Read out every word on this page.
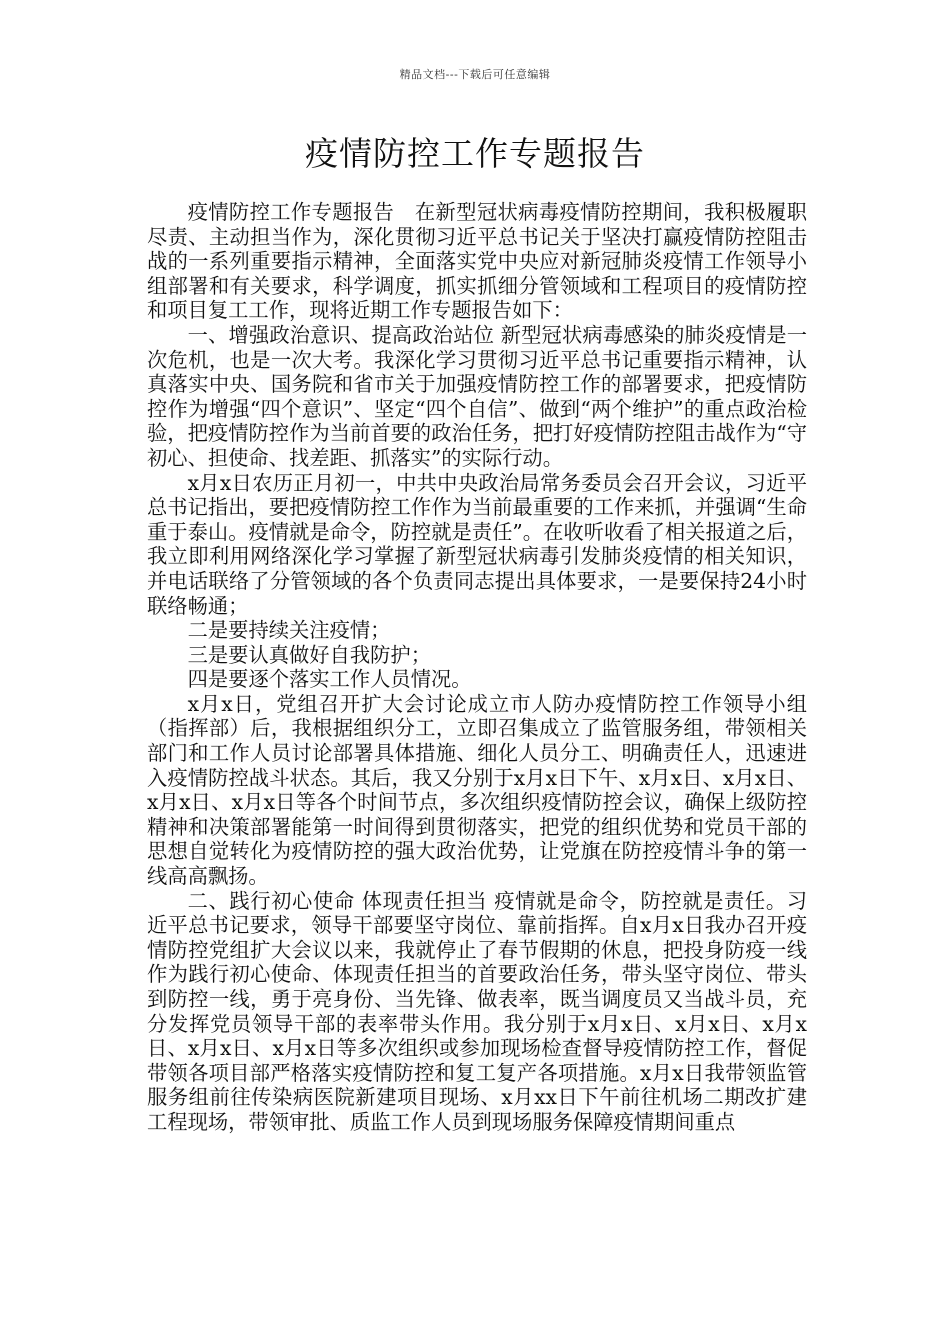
精品文档---下载后可任意编辑
疫情防控工作专题报告

疫情防控工作专题报告　在新型冠状病毒疫情防控期间，我积极履职尽责、主动担当作为，深化贯彻习近平总书记关于坚决打赢疫情防控阻击战的一系列重要指示精神，全面落实党中央应对新冠肺炎疫情工作领导小组部署和有关要求，科学调度，抓实抓细分管领域和工程项目的疫情防控和项目复工工作，现将近期工作专题报告如下：

一、增强政治意识、提高政治站位 新型冠状病毒感染的肺炎疫情是一次危机，也是一次大考。我深化学习贯彻习近平总书记重要指示精神，认真落实中央、国务院和省市关于加强疫情防控工作的部署要求，把疫情防控作为增强“四个意识”、坚定“四个自信”、做到“两个维护”的重点政治检验，把疫情防控作为当前首要的政治任务，把打好疫情防控阻击战作为“守初心、担使命、找差距、抓落实”的实际行动。

x月x日农历正月初一，中共中央政治局常务委员会召开会议，习近平总书记指出，要把疫情防控工作作为当前最重要的工作来抓，并强调“生命重于泰山。疫情就是命令，防控就是责任”。在收听收看了相关报道之后，我立即利用网络深化学习掌握了新型冠状病毒引发肺炎疫情的相关知识，并电话联络了分管领域的各个负责同志提出具体要求，一是要保持24小时联络畅通；

二是要持续关注疫情；

三是要认真做好自我防护；

四是要逐个落实工作人员情况。

x月x日，党组召开扩大会讨论成立市人防办疫情防控工作领导小组（指挥部）后，我根据组织分工，立即召集成立了监管服务组，带领相关部门和工作人员讨论部署具体措施、细化人员分工、明确责任人，迅速进入疫情防控战斗状态。其后，我又分别于x月x日下午、x月x日、x月x日、x月x日、x月x日等各个时间节点，多次组织疫情防控会议，确保上级防控精神和决策部署能第一时间得到贯彻落实，把党的组织优势和党员干部的思想自觉转化为疫情防控的强大政治优势，让党旗在防控疫情斗争的第一线高高飘扬。

二、践行初心使命 体现责任担当 疫情就是命令，防控就是责任。习近平总书记要求，领导干部要坚守岗位、靠前指挥。自x月x日我办召开疫情防控党组扩大会议以来，我就停止了春节假期的休息，把投身防疫一线作为践行初心使命、体现责任担当的首要政治任务，带头坚守岗位、带头到防控一线，勇于亮身份、当先锋、做表率，既当调度员又当战斗员，充分发挥党员领导干部的表率带头作用。我分别于x月x日、x月x日、x月x日、x月x日、x月x日等多次组织或参加现场检查督导疫情防控工作，督促带领各项目部严格落实疫情防控和复工复产各项措施。x月x日我带领监管服务组前往传染病医院新建项目现场、x月xx日下午前往机场二期改扩建工程现场，带领审批、质监工作人员到现场服务保障疫情期间重点
